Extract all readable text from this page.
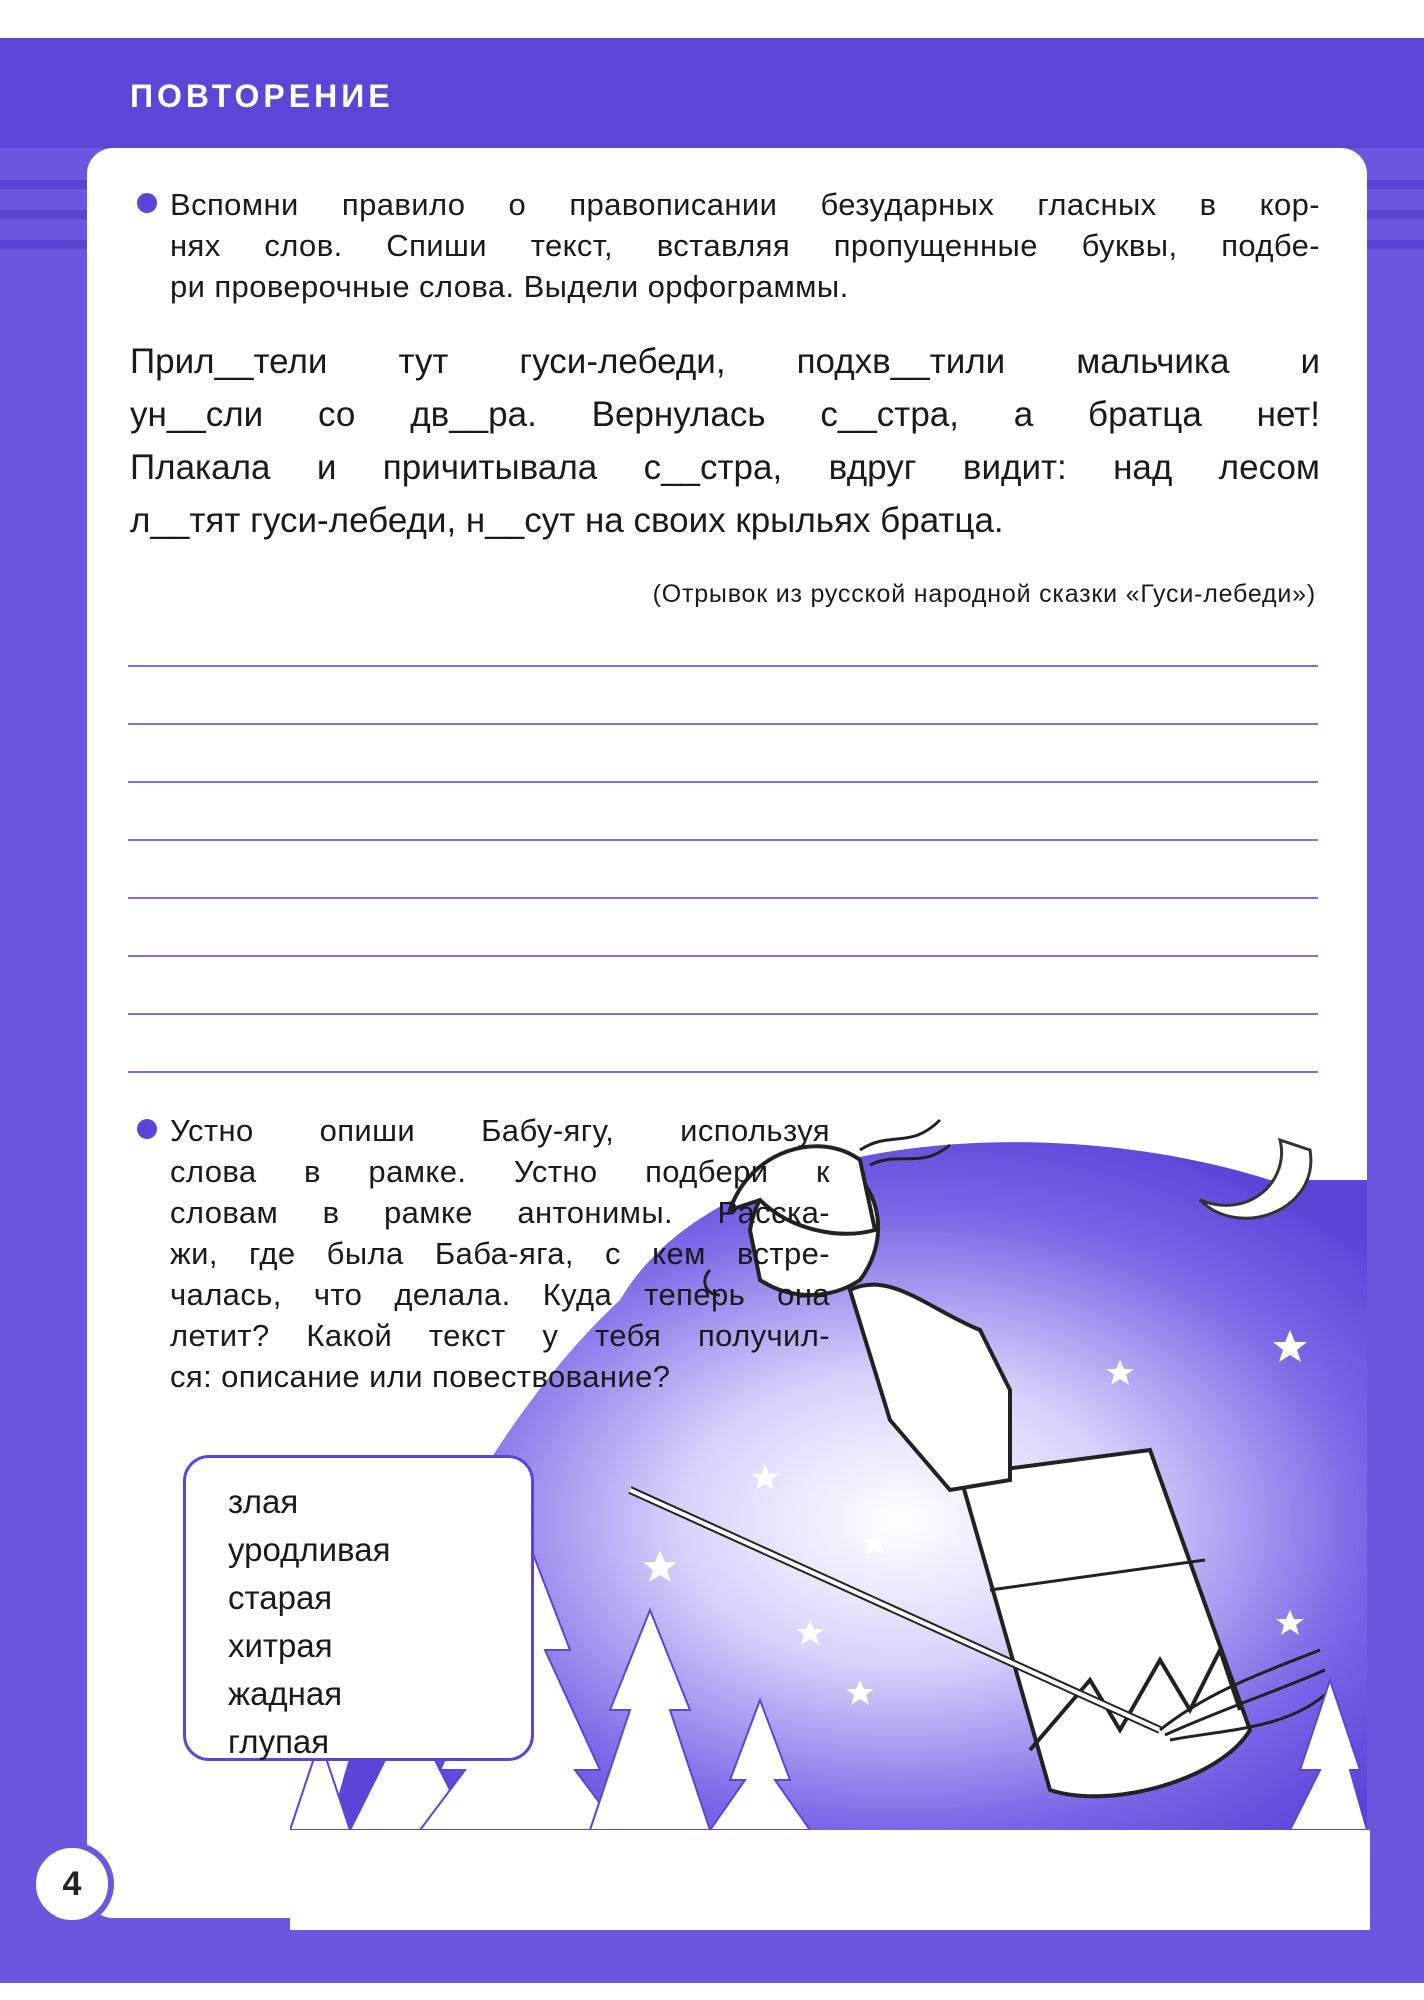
ПОВТОРЕНИЕ
Вспомни правило о правописании безударных гласных в кор-
нях слов. Спиши текст, вставляя пропущенные буквы, подбе-
ри проверочные слова. Выдели орфограммы.
Прил__тели тут гуси-лебеди, подхв__тили мальчика и
ун__сли со дв__ра. Вернулась с__стра, а братца нет!
Плакала и причитывала с__стра, вдруг видит: над лесом
л__тят гуси-лебеди, н__сут на своих крыльях братца.
(Отрывок из русской народной сказки «Гуси-лебеди»)
Устно опиши Бабу-ягу, используя
слова в рамке. Устно подбери к
словам в рамке антонимы. Расска-
жи, где была Баба-яга, с кем встре-
чалась, что делала. Куда теперь она
летит? Какой текст у тебя получил-
ся: описание или повествование?
злая
уродливая
старая
хитрая
жадная
глупая
4
